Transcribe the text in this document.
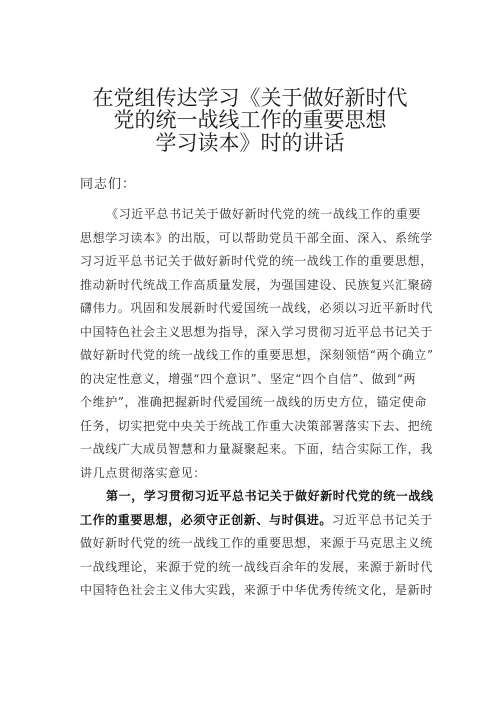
在党组传达学习《关于做好新时代
党的统一战线工作的重要思想
学习读本》时的讲话
同志们：
《习近平总书记关于做好新时代党的统一战线工作的重要
思想学习读本》的出版，可以帮助党员干部全面、深入、系统学
习习近平总书记关于做好新时代党的统一战线工作的重要思想，
推动新时代统战工作高质量发展，为强国建设、民族复兴汇聚磅
礴伟力。巩固和发展新时代爱国统一战线，必须以习近平新时代
中国特色社会主义思想为指导，深入学习贯彻习近平总书记关于
做好新时代党的统一战线工作的重要思想，深刻领悟“两个确立”
的决定性意义，增强“四个意识”、坚定“四个自信”、做到“两
个维护”，准确把握新时代爱国统一战线的历史方位，锚定使命
任务，切实把党中央关于统战工作重大决策部署落实下去、把统
一战线广大成员智慧和力量凝聚起来。下面，结合实际工作，我
讲几点贯彻落实意见：
第一，学习贯彻习近平总书记关于做好新时代党的统一战线
工作的重要思想，必须守正创新、与时俱进。习近平总书记关于
做好新时代党的统一战线工作的重要思想，来源于马克思主义统
一战线理论，来源于党的统一战线百余年的发展，来源于新时代
中国特色社会主义伟大实践，来源于中华优秀传统文化，是新时
